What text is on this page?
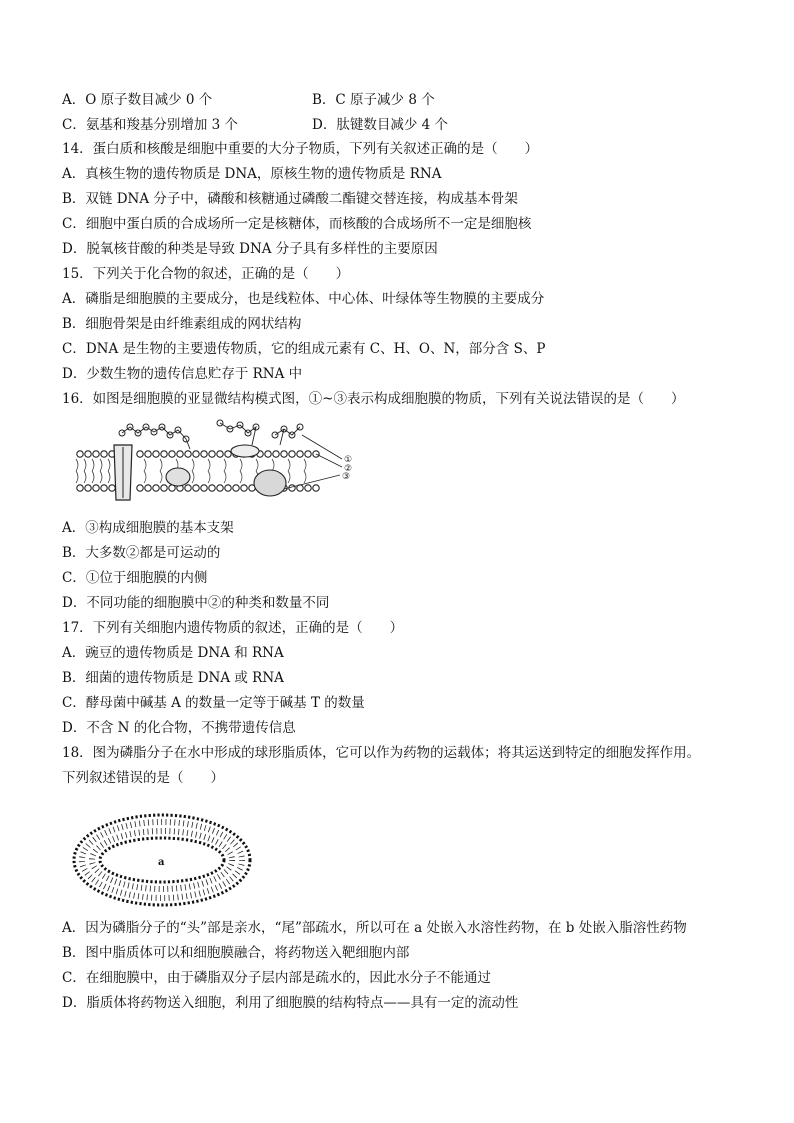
A．O 原子数目减少 0 个	B．C 原子减少 8 个
C．氨基和羧基分别增加 3 个	D．肽键数目减少 4 个
14．蛋白质和核酸是细胞中重要的大分子物质，下列有关叙述正确的是（　　）
A．真核生物的遗传物质是 DNA，原核生物的遗传物质是 RNA
B．双链 DNA 分子中，磷酸和核糖通过磷酸二酯键交替连接，构成基本骨架
C．细胞中蛋白质的合成场所一定是核糖体，而核酸的合成场所不一定是细胞核
D．脱氧核苷酸的种类是导致 DNA 分子具有多样性的主要原因
15．下列关于化合物的叙述，正确的是（　　）
A．磷脂是细胞膜的主要成分，也是线粒体、中心体、叶绿体等生物膜的主要成分
B．细胞骨架是由纤维素组成的网状结构
C．DNA 是生物的主要遗传物质，它的组成元素有 C、H、O、N，部分含 S、P
D．少数生物的遗传信息贮存于 RNA 中
16．如图是细胞膜的亚显微结构模式图，①~③表示构成细胞膜的物质，下列有关说法错误的是（　　）
①
②
③
A．③构成细胞膜的基本支架
B．大多数②都是可运动的
C．①位于细胞膜的内侧
D．不同功能的细胞膜中②的种类和数量不同
17．下列有关细胞内遗传物质的叙述，正确的是（　　）
A．豌豆的遗传物质是 DNA 和 RNA
B．细菌的遗传物质是 DNA 或 RNA
C．酵母菌中碱基 A 的数量一定等于碱基 T 的数量
D．不含 N 的化合物，不携带遗传信息
18．图为磷脂分子在水中形成的球形脂质体，它可以作为药物的运载体；将其运送到特定的细胞发挥作用。
下列叙述错误的是（　　）
a
A．因为磷脂分子的“头”部是亲水，“尾”部疏水，所以可在 a 处嵌入水溶性药物，在 b 处嵌入脂溶性药物
B．图中脂质体可以和细胞膜融合，将药物送入靶细胞内部
C．在细胞膜中，由于磷脂双分子层内部是疏水的，因此水分子不能通过
D．脂质体将药物送入细胞，利用了细胞膜的结构特点——具有一定的流动性
